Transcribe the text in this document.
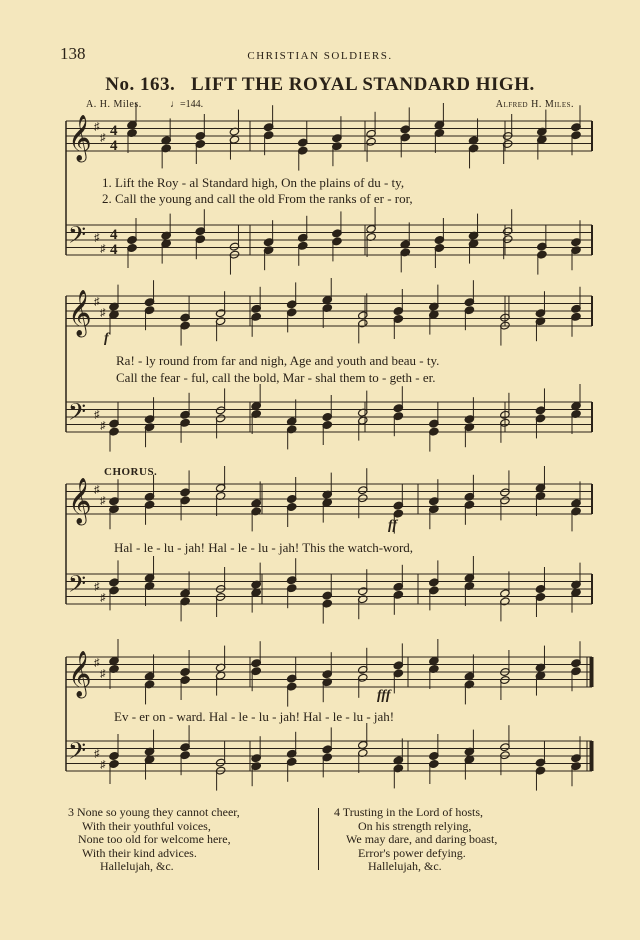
138	CHRISTIAN SOLDIERS.
No. 163. LIFT THE ROYAL STANDARD HIGH.
A. H. Miles.	♩=144.	Alfred H. Miles.
𝄞 ♯
♯ 4
4
𝄢 ♯
♯
4
4
𝄞 ♯
♯
𝄢 ♯
♯
𝄞 ♯
♯
𝄢 ♯
♯
𝄞 ♯
♯
𝄢 ♯
♯
1. Lift the Roy - al Standard high, On the plains of du - ty,
2. Call the young and call the old From the ranks of er - ror,
Ra! - ly round from far and nigh, Age and youth and beau - ty.
Call the fear - ful, call the bold, Mar - shal them to - geth - er.
CHORUS.
Hal - le - lu - jah! Hal - le - lu - jah! This the watch-word,
Ev - er on - ward. Hal - le - lu - jah! Hal - le - lu - jah!
f
ff
fff
3 None so young they cannot cheer,
With their youthful voices,
None too old for welcome here,
With their kind advices.
Hallelujah, &c.
4 Trusting in the Lord of hosts,
On his strength relying,
We may dare, and daring boast,
Error's power defying.
Hallelujah, &c.
